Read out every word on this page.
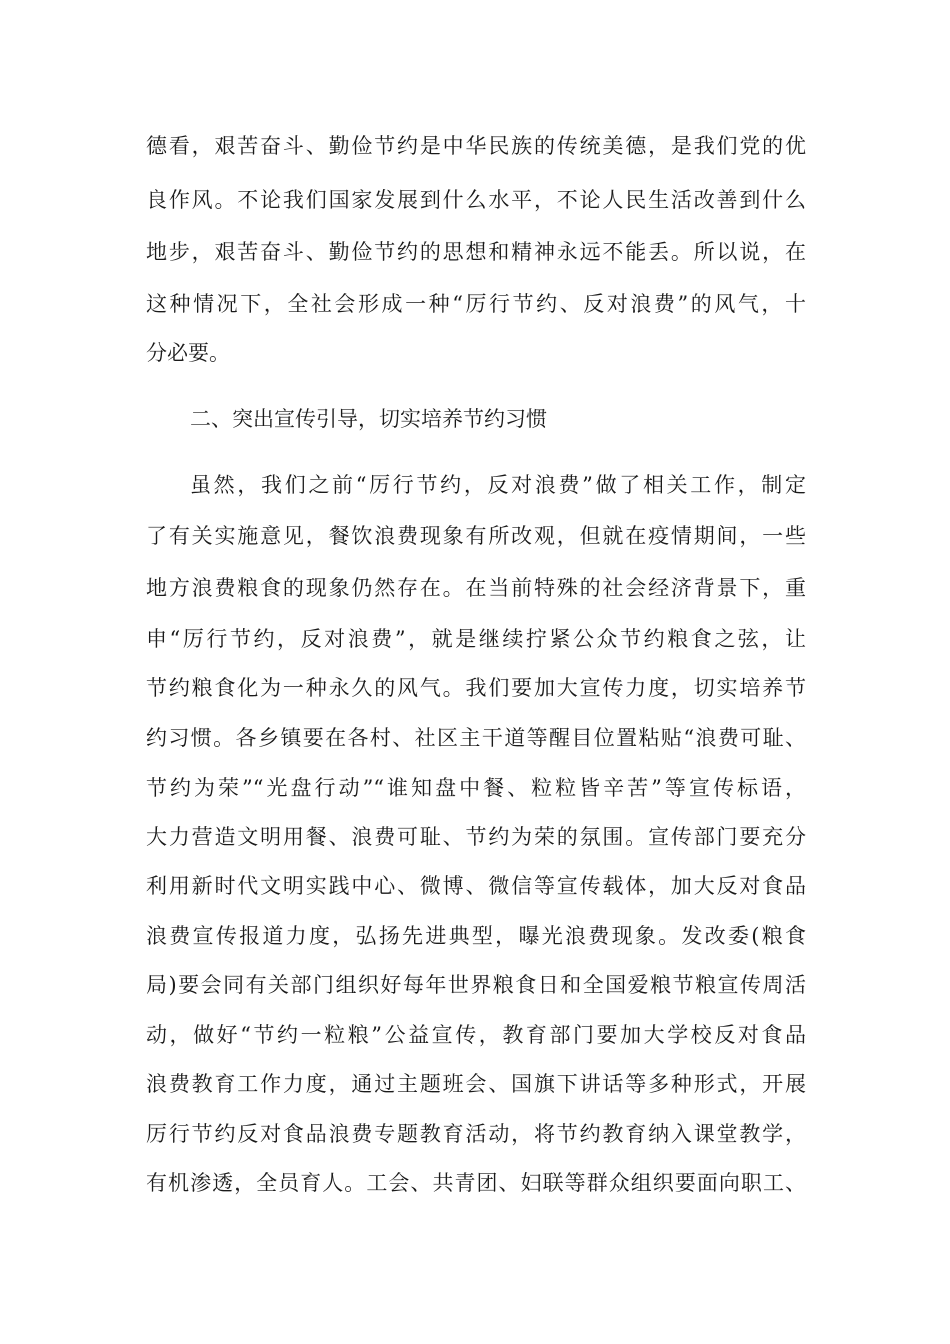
德看，艰苦奋斗、勤俭节约是中华民族的传统美德，是我们党的优
良作风。不论我们国家发展到什么水平，不论人民生活改善到什么
地步，艰苦奋斗、勤俭节约的思想和精神永远不能丢。所以说，在
这种情况下，全社会形成一种“厉行节约、反对浪费”的风气，十
分必要。
二、突出宣传引导，切实培养节约习惯
虽然，我们之前“厉行节约，反对浪费”做了相关工作，制定
了有关实施意见，餐饮浪费现象有所改观，但就在疫情期间，一些
地方浪费粮食的现象仍然存在。在当前特殊的社会经济背景下，重
申“厉行节约，反对浪费”，就是继续拧紧公众节约粮食之弦，让
节约粮食化为一种永久的风气。我们要加大宣传力度，切实培养节
约习惯。各乡镇要在各村、社区主干道等醒目位置粘贴“浪费可耻、
节约为荣”“光盘行动”“谁知盘中餐、粒粒皆辛苦”等宣传标语，
大力营造文明用餐、浪费可耻、节约为荣的氛围。宣传部门要充分
利用新时代文明实践中心、微博、微信等宣传载体，加大反对食品
浪费宣传报道力度，弘扬先进典型，曝光浪费现象。发改委(粮食
局)要会同有关部门组织好每年世界粮食日和全国爱粮节粮宣传周活
动，做好“节约一粒粮”公益宣传，教育部门要加大学校反对食品
浪费教育工作力度，通过主题班会、国旗下讲话等多种形式，开展
厉行节约反对食品浪费专题教育活动，将节约教育纳入课堂教学，
有机渗透，全员育人。工会、共青团、妇联等群众组织要面向职工、
